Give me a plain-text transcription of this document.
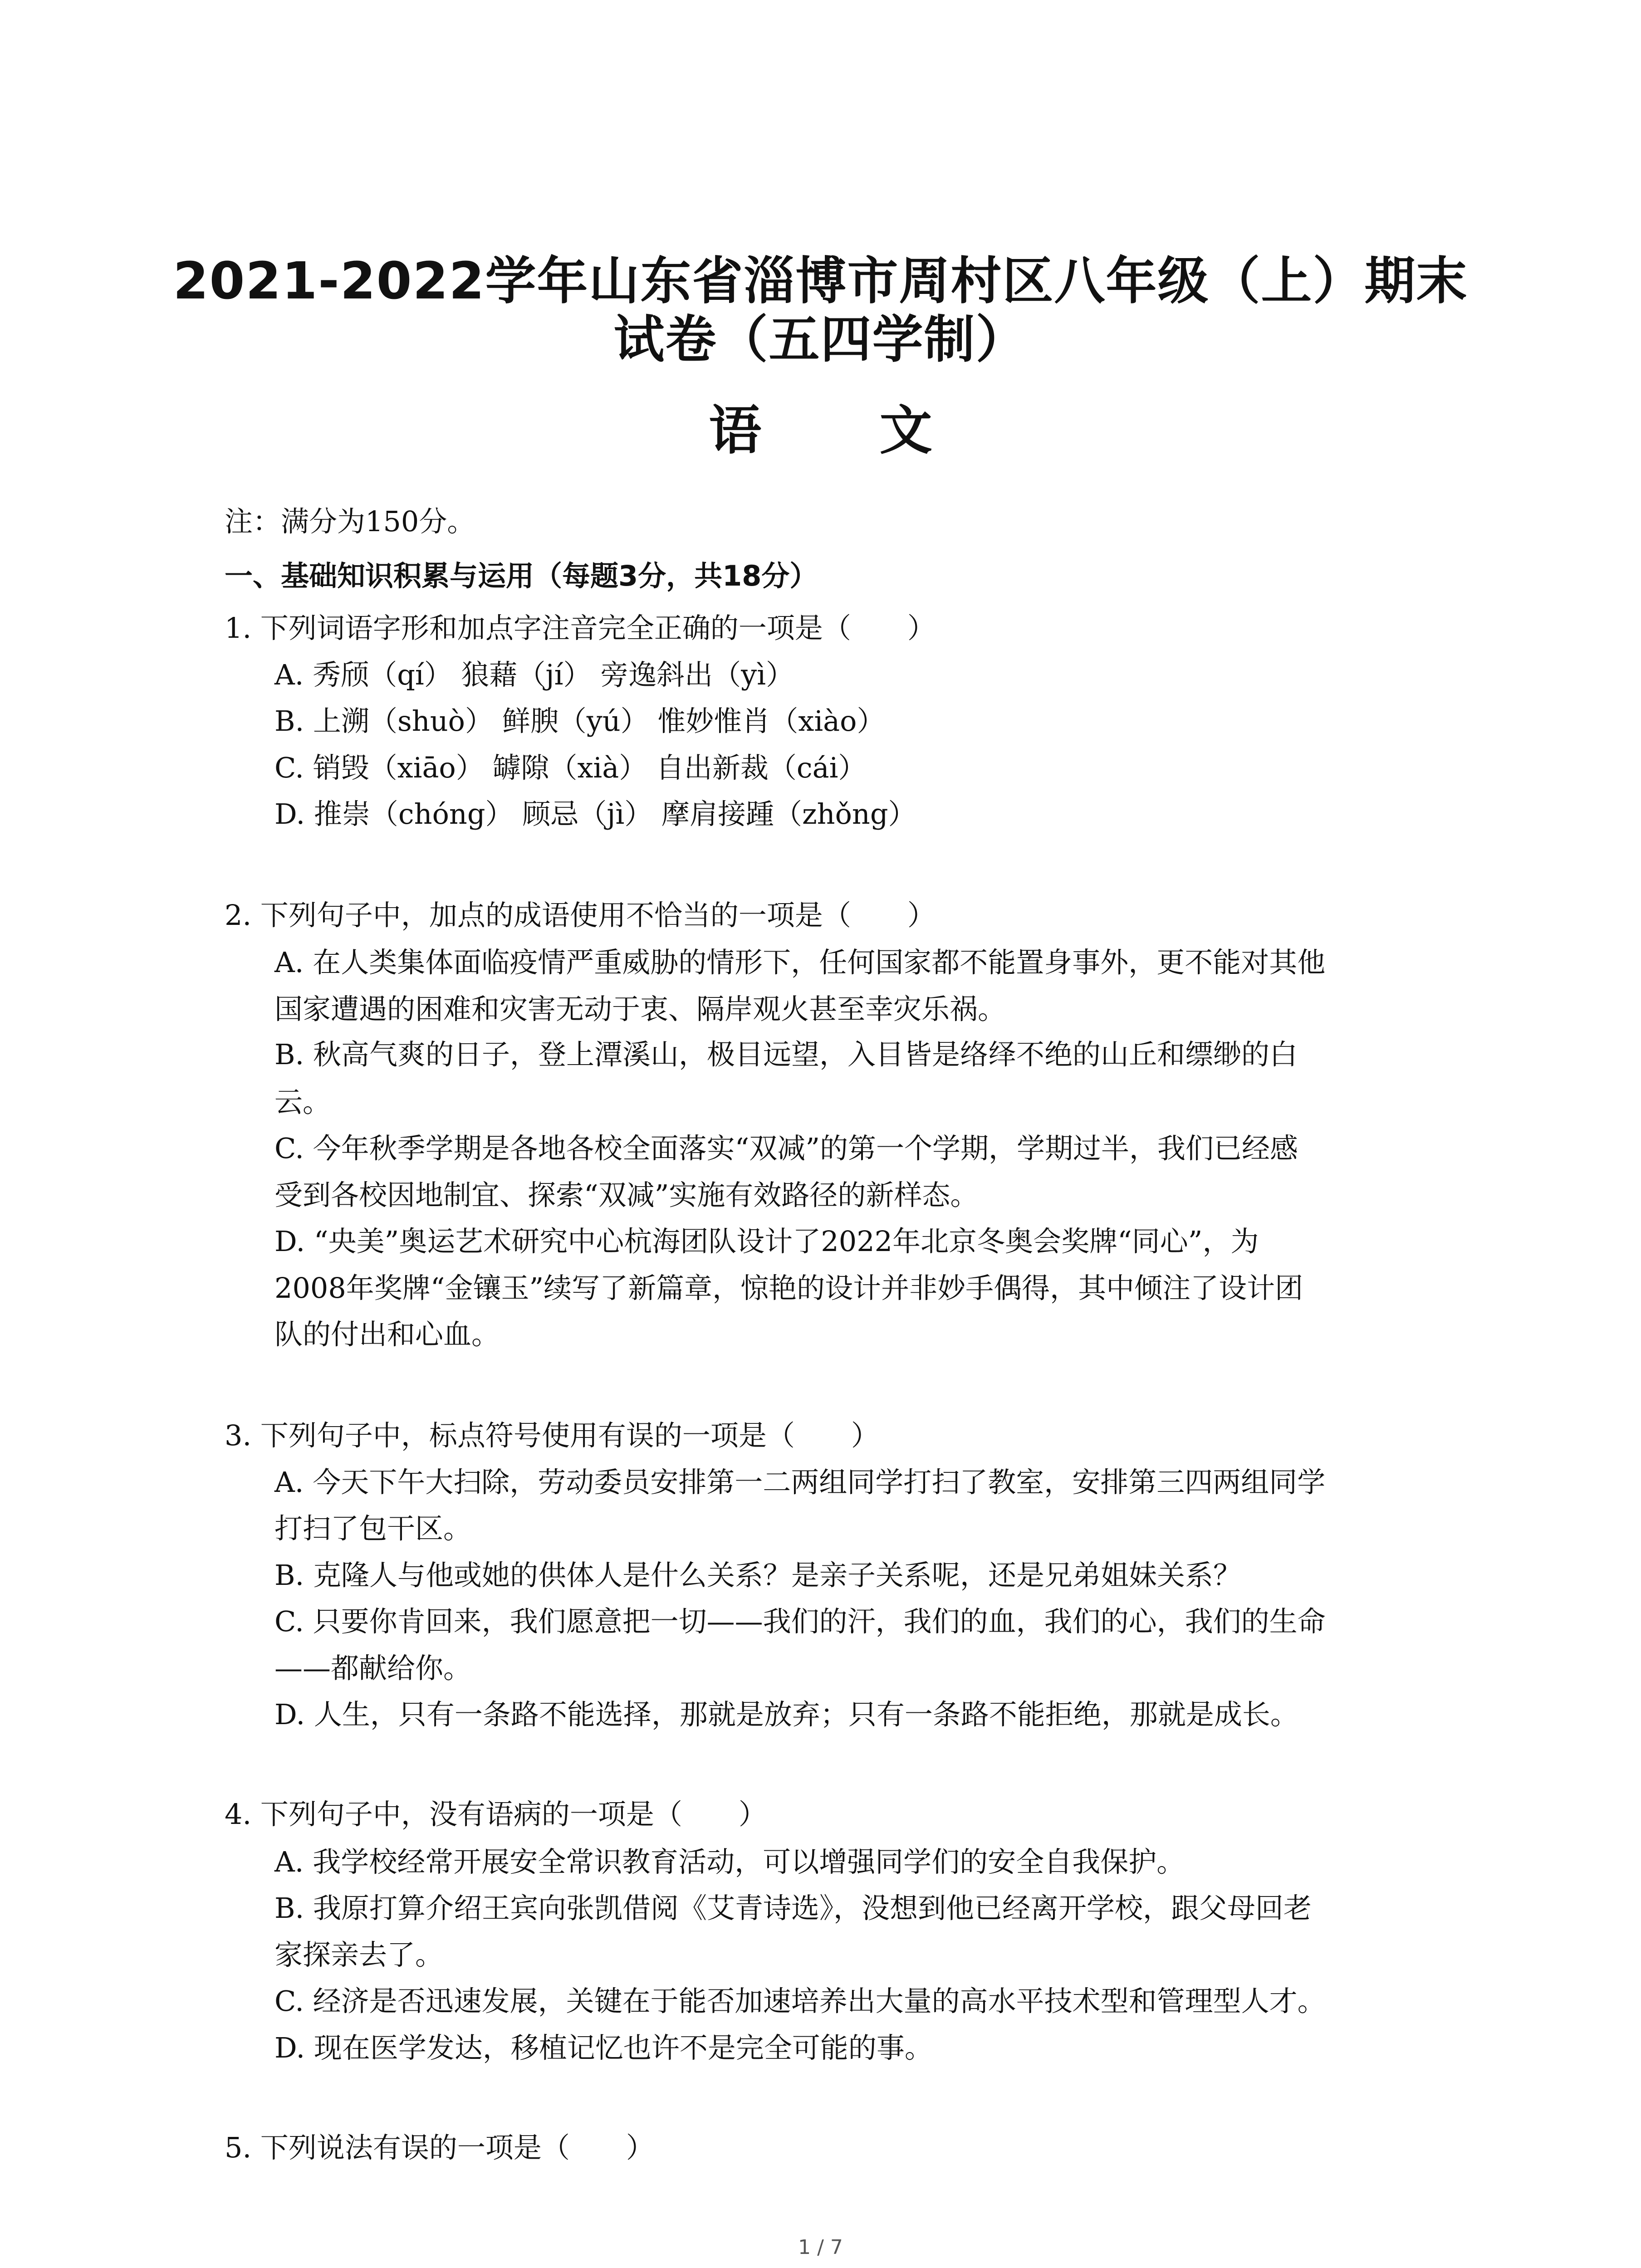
2021-2022学年山东省淄博市周村区八年级（上）期末
试卷（五四学制）
语 文
注：满分为150分。
一、基础知识积累与运用（每题3分，共18分）
1. 下列词语字形和加点字注音完全正确的一项是（　　）
A. 秀颀（qí） 狼藉（jí） 旁逸斜出（yì）
B. 上溯（shuò） 鲜腴（yú） 惟妙惟肖（xiào）
C. 销毁（xiāo） 罅隙（xià） 自出新裁（cái）
D. 推崇（chóng） 顾忌（jì） 摩肩接踵（zhǒng）
2. 下列句子中，加点的成语使用不恰当的一项是（　　）
A. 在人类集体面临疫情严重威胁的情形下，任何国家都不能置身事外，更不能对其他
国家遭遇的困难和灾害无动于衷、隔岸观火甚至幸灾乐祸。
B. 秋高气爽的日子，登上潭溪山，极目远望，入目皆是络绎不绝的山丘和缥缈的白
云。
C. 今年秋季学期是各地各校全面落实“双减”的第一个学期，学期过半，我们已经感
受到各校因地制宜、探索“双减”实施有效路径的新样态。
D. “央美”奥运艺术研究中心杭海团队设计了2022年北京冬奥会奖牌“同心”，为
2008年奖牌“金镶玉”续写了新篇章，惊艳的设计并非妙手偶得，其中倾注了设计团
队的付出和心血。
3. 下列句子中，标点符号使用有误的一项是（　　）
A. 今天下午大扫除，劳动委员安排第一二两组同学打扫了教室，安排第三四两组同学
打扫了包干区。
B. 克隆人与他或她的供体人是什么关系？是亲子关系呢，还是兄弟姐妹关系？
C. 只要你肯回来，我们愿意把一切——我们的汗，我们的血，我们的心，我们的生命
——都献给你。
D. 人生，只有一条路不能选择，那就是放弃；只有一条路不能拒绝，那就是成长。
4. 下列句子中，没有语病的一项是（　　）
A. 我学校经常开展安全常识教育活动，可以增强同学们的安全自我保护。
B. 我原打算介绍王宾向张凯借阅《艾青诗选》，没想到他已经离开学校，跟父母回老
家探亲去了。
C. 经济是否迅速发展，关键在于能否加速培养出大量的高水平技术型和管理型人才。
D. 现在医学发达，移植记忆也许不是完全可能的事。
5. 下列说法有误的一项是（　　）
1 / 7
